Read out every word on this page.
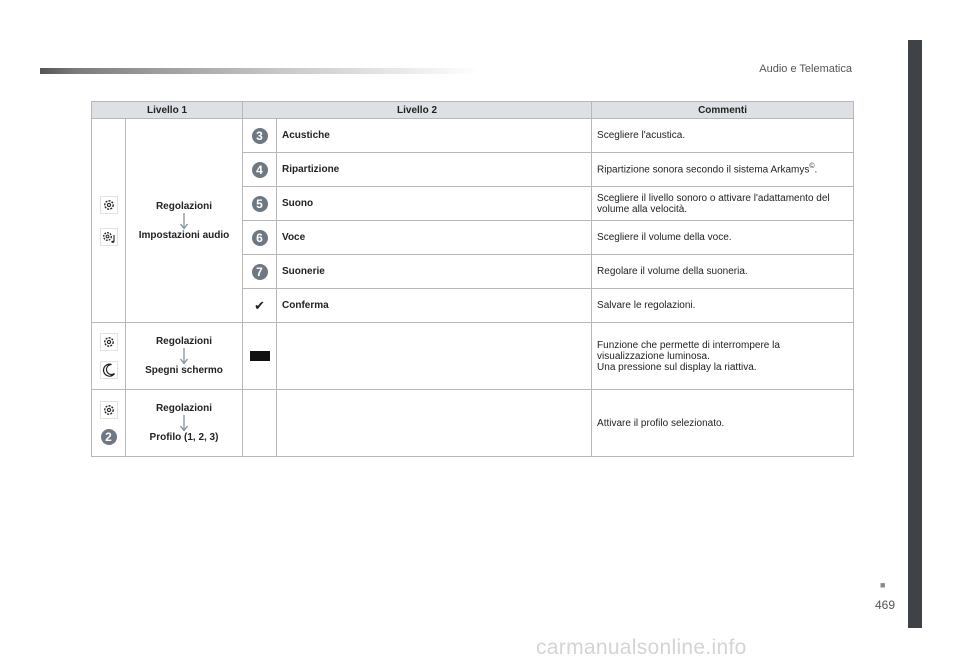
Audio e Telematica
Livello 1		Livello 2		Commenti

Regolazioni
Impostazioni audio	3	Acustiche	Scegliere l'acustica.
		4	Ripartizione	Ripartizione sonora secondo il sistema Arkamys©.
		5	Suono	Scegliere il livello sonoro o attivare l'adattamento del volume alla velocità.
		6	Voce	Scegliere il volume della voce.
		7	Suonerie	Regolare il volume della suoneria.
		✔	Conferma	Salvare le regolazioni.

Regolazioni
Spegni schermo			Funzione che permette di interrompere la
visualizzazione luminosa.
Una pressione sul display la riattiva.

2	Regolazioni
Profilo (1, 2, 3)			Attivare il profilo selezionato.
■
469
carmanualsonline.info
